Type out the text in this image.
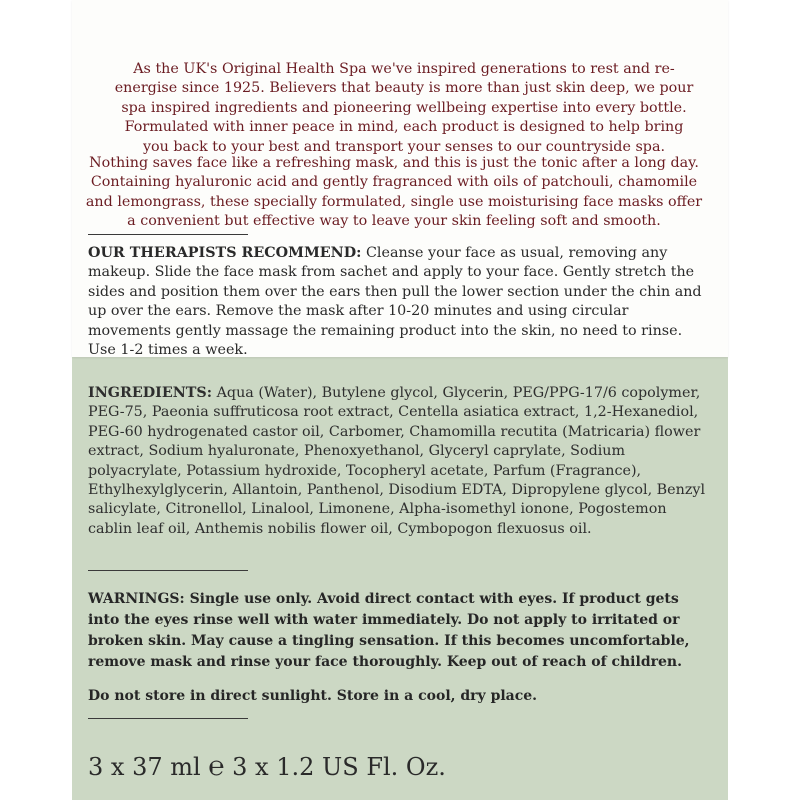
As the UK's Original Health Spa we've inspired generations to rest and re-energise since 1925. Believers that beauty is more than just skin deep, we pour spa inspired ingredients and pioneering wellbeing expertise into every bottle. Formulated with inner peace in mind, each product is designed to help bring you back to your best and transport your senses to our countryside spa.

Nothing saves face like a refreshing mask, and this is just the tonic after a long day. Containing hyaluronic acid and gently fragranced with oils of patchouli, chamomile and lemongrass, these specially formulated, single use moisturising face masks offer a convenient but effective way to leave your skin feeling soft and smooth.

OUR THERAPISTS RECOMMEND: Cleanse your face as usual, removing any makeup. Slide the face mask from sachet and apply to your face. Gently stretch the sides and position them over the ears then pull the lower section under the chin and up over the ears. Remove the mask after 10-20 minutes and using circular movements gently massage the remaining product into the skin, no need to rinse. Use 1-2 times a week.

INGREDIENTS: Aqua (Water), Butylene glycol, Glycerin, PEG/PPG-17/6 copolymer, PEG-75, Paeonia suffruticosa root extract, Centella asiatica extract, 1,2-Hexanediol, PEG-60 hydrogenated castor oil, Carbomer, Chamomilla recutita (Matricaria) flower extract, Sodium hyaluronate, Phenoxyethanol, Glyceryl caprylate, Sodium polyacrylate, Potassium hydroxide, Tocopheryl acetate, Parfum (Fragrance), Ethylhexylglycerin, Allantoin, Panthenol, Disodium EDTA, Dipropylene glycol, Benzyl salicylate, Citronellol, Linalool, Limonene, Alpha-isomethyl ionone, Pogostemon cablin leaf oil, Anthemis nobilis flower oil, Cymbopogon flexuosus oil.

WARNINGS: Single use only. Avoid direct contact with eyes. If product gets into the eyes rinse well with water immediately. Do not apply to irritated or broken skin. May cause a tingling sensation. If this becomes uncomfortable, remove mask and rinse your face thoroughly. Keep out of reach of children.

Do not store in direct sunlight. Store in a cool, dry place.

3 x 37 ml ℮ 3 x 1.2 US Fl. Oz.
